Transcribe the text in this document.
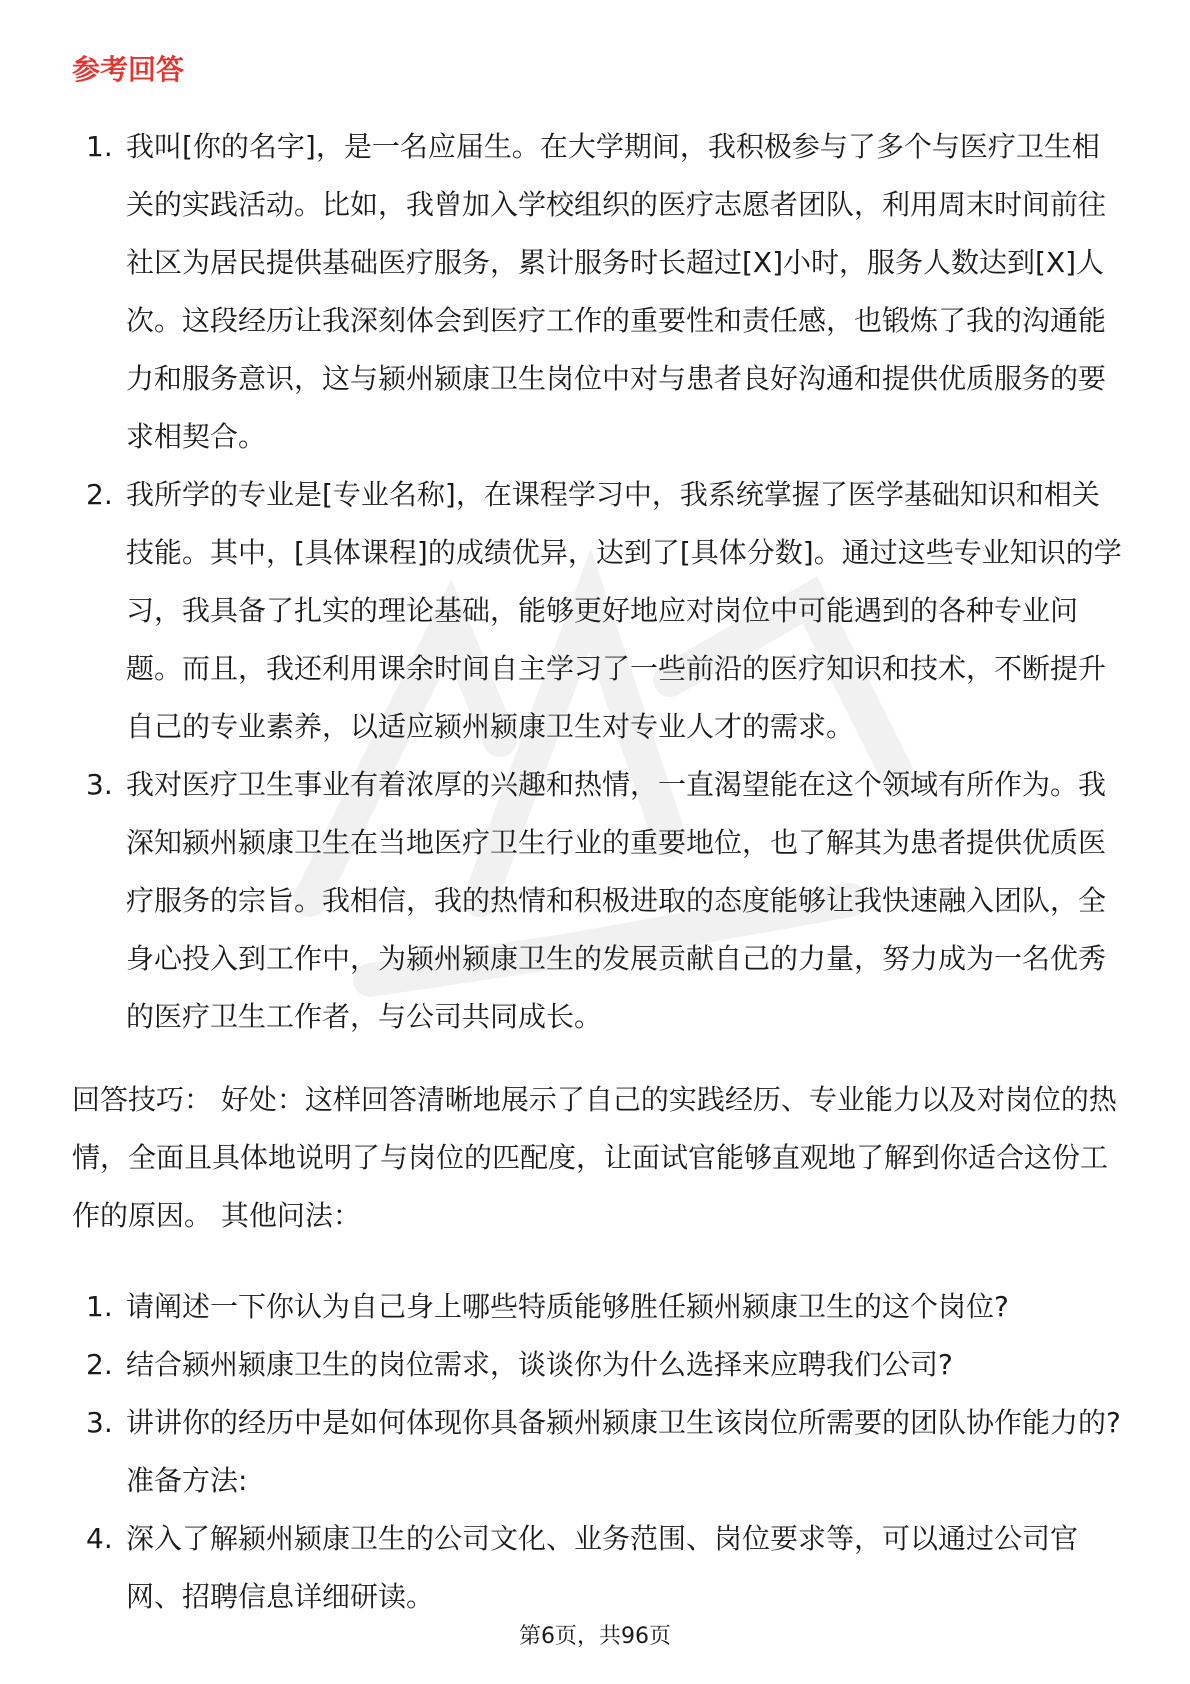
参考回答
1. 我叫[你的名字]，是一名应届生。在大学期间，我积极参与了多个与医疗卫生相关的实践活动。比如，我曾加入学校组织的医疗志愿者团队，利用周末时间前往社区为居民提供基础医疗服务，累计服务时长超过[X]小时，服务人数达到[X]人次。这段经历让我深刻体会到医疗工作的重要性和责任感，也锻炼了我的沟通能力和服务意识，这与颍州颍康卫生岗位中对与患者良好沟通和提供优质服务的要求相契合。
2. 我所学的专业是[专业名称]，在课程学习中，我系统掌握了医学基础知识和相关技能。其中，[具体课程]的成绩优异，达到了[具体分数]。通过这些专业知识的学习，我具备了扎实的理论基础，能够更好地应对岗位中可能遇到的各种专业问题。而且，我还利用课余时间自主学习了一些前沿的医疗知识和技术，不断提升自己的专业素养，以适应颍州颍康卫生对专业人才的需求。
3. 我对医疗卫生事业有着浓厚的兴趣和热情，一直渴望能在这个领域有所作为。我深知颍州颍康卫生在当地医疗卫生行业的重要地位，也了解其为患者提供优质医疗服务的宗旨。我相信，我的热情和积极进取的态度能够让我快速融入团队，全身心投入到工作中，为颍州颍康卫生的发展贡献自己的力量，努力成为一名优秀的医疗卫生工作者，与公司共同成长。

回答技巧： 好处：这样回答清晰地展示了自己的实践经历、专业能力以及对岗位的热情，全面且具体地说明了与岗位的匹配度，让面试官能够直观地了解到你适合这份工作的原因。 其他问法：

1. 请阐述一下你认为自己身上哪些特质能够胜任颍州颍康卫生的这个岗位?
2. 结合颍州颍康卫生的岗位需求，谈谈你为什么选择来应聘我们公司?
3. 讲讲你的经历中是如何体现你具备颍州颍康卫生该岗位所需要的团队协作能力的? 准备方法:
4. 深入了解颍州颍康卫生的公司文化、业务范围、岗位要求等，可以通过公司官网、招聘信息详细研读。
第6页，共96页
